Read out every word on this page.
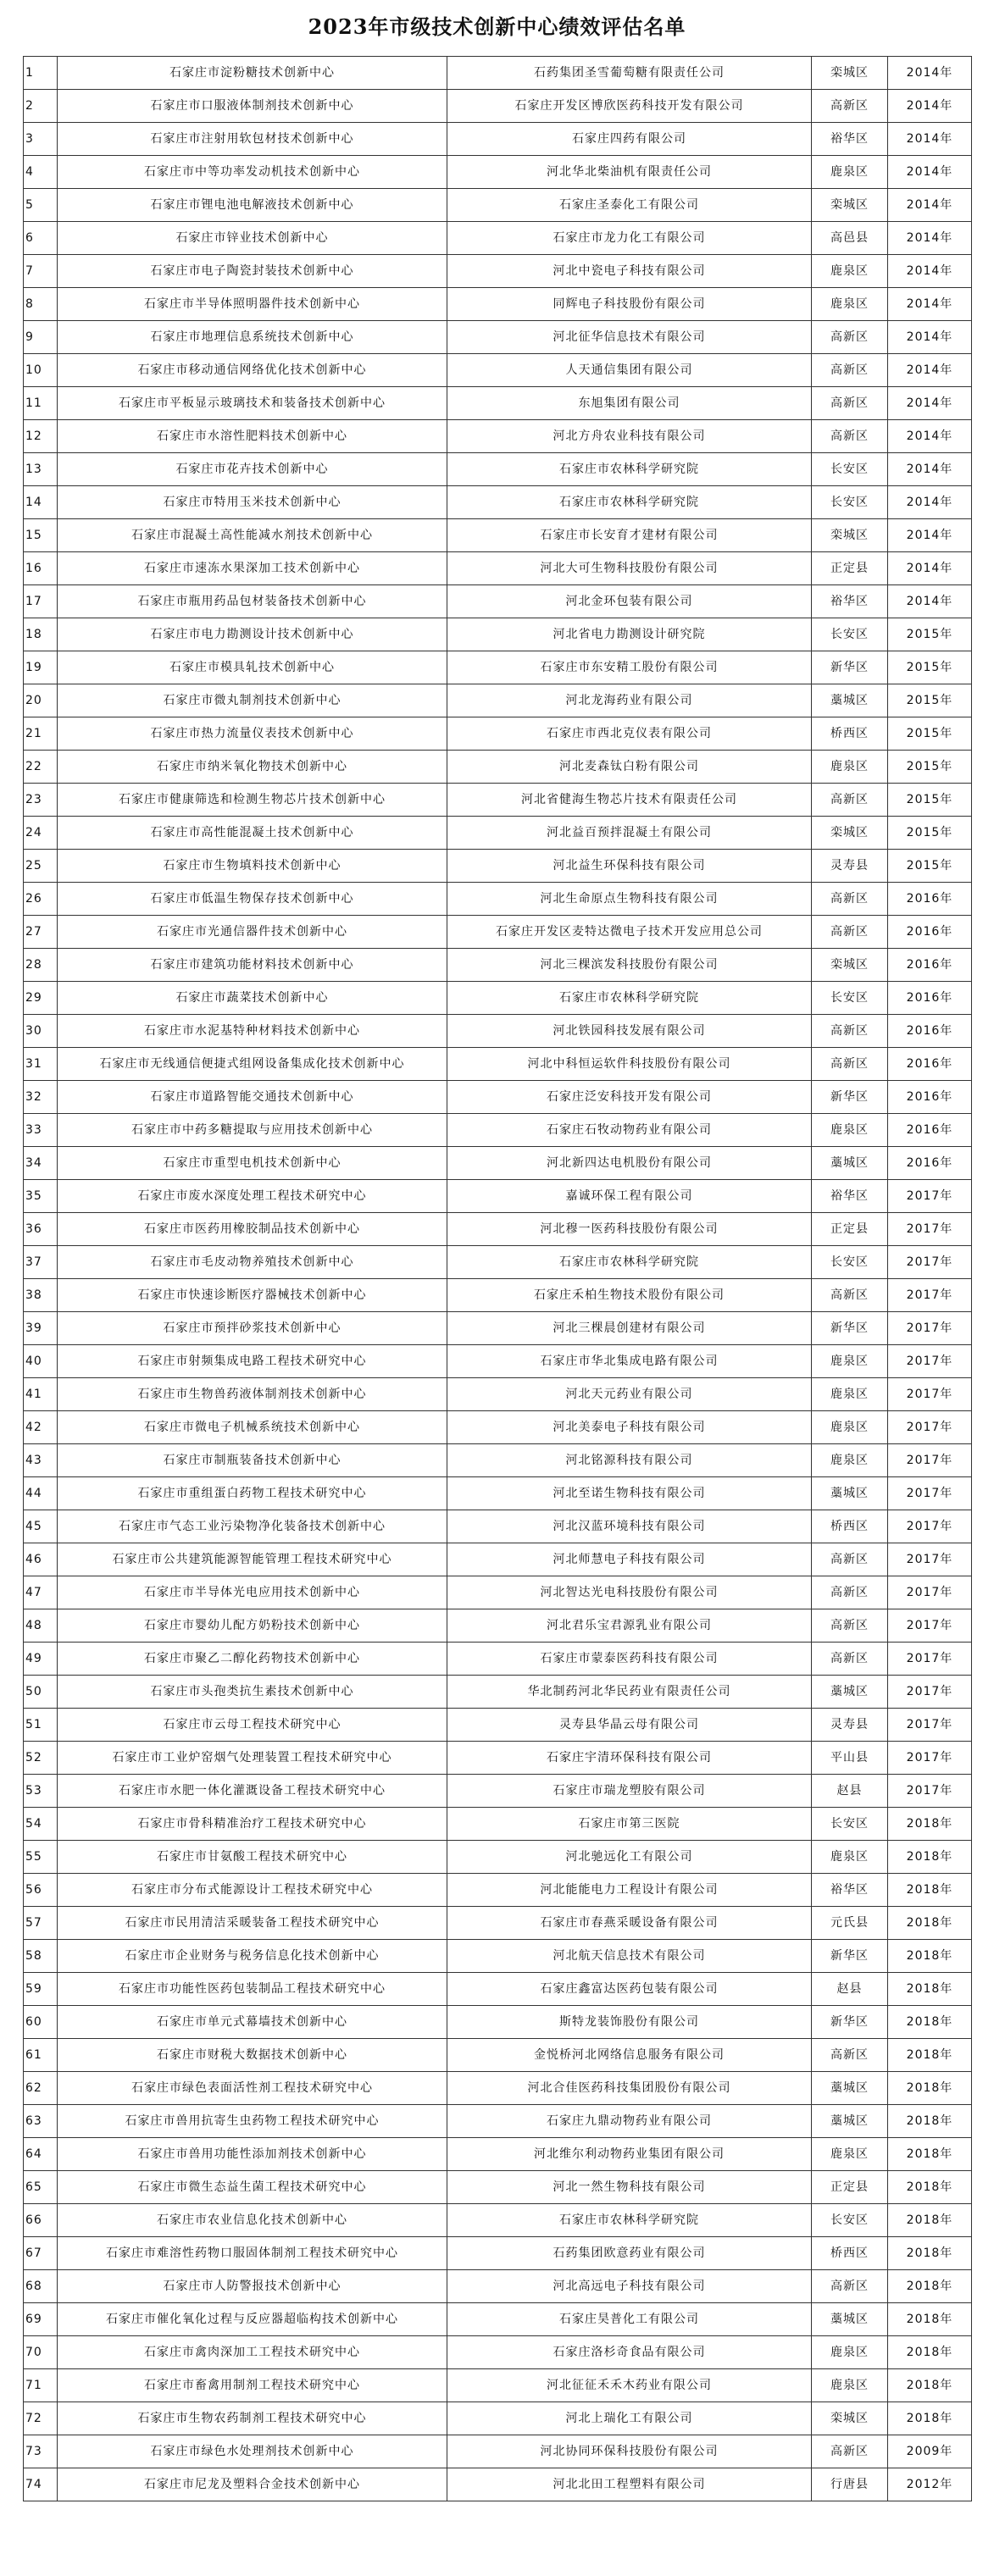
2023年市级技术创新中心绩效评估名单
1	石家庄市淀粉糖技术创新中心	石药集团圣雪葡萄糖有限责任公司	栾城区	2014年
2	石家庄市口服液体制剂技术创新中心	石家庄开发区博欣医药科技开发有限公司	高新区	2014年
3	石家庄市注射用软包材技术创新中心	石家庄四药有限公司	裕华区	2014年
4	石家庄市中等功率发动机技术创新中心	河北华北柴油机有限责任公司	鹿泉区	2014年
5	石家庄市锂电池电解液技术创新中心	石家庄圣泰化工有限公司	栾城区	2014年
6	石家庄市锌业技术创新中心	石家庄市龙力化工有限公司	高邑县	2014年
7	石家庄市电子陶瓷封装技术创新中心	河北中瓷电子科技有限公司	鹿泉区	2014年
8	石家庄市半导体照明器件技术创新中心	同辉电子科技股份有限公司	鹿泉区	2014年
9	石家庄市地理信息系统技术创新中心	河北征华信息技术有限公司	高新区	2014年
10	石家庄市移动通信网络优化技术创新中心	人天通信集团有限公司	高新区	2014年
11	石家庄市平板显示玻璃技术和装备技术创新中心	东旭集团有限公司	高新区	2014年
12	石家庄市水溶性肥料技术创新中心	河北方舟农业科技有限公司	高新区	2014年
13	石家庄市花卉技术创新中心	石家庄市农林科学研究院	长安区	2014年
14	石家庄市特用玉米技术创新中心	石家庄市农林科学研究院	长安区	2014年
15	石家庄市混凝土高性能减水剂技术创新中心	石家庄市长安育才建材有限公司	栾城区	2014年
16	石家庄市速冻水果深加工技术创新中心	河北大可生物科技股份有限公司	正定县	2014年
17	石家庄市瓶用药品包材装备技术创新中心	河北金环包装有限公司	裕华区	2014年
18	石家庄市电力勘测设计技术创新中心	河北省电力勘测设计研究院	长安区	2015年
19	石家庄市模具轧技术创新中心	石家庄市东安精工股份有限公司	新华区	2015年
20	石家庄市微丸制剂技术创新中心	河北龙海药业有限公司	藁城区	2015年
21	石家庄市热力流量仪表技术创新中心	石家庄市西北克仪表有限公司	桥西区	2015年
22	石家庄市纳米氧化物技术创新中心	河北麦森钛白粉有限公司	鹿泉区	2015年
23	石家庄市健康筛选和检测生物芯片技术创新中心	河北省健海生物芯片技术有限责任公司	高新区	2015年
24	石家庄市高性能混凝土技术创新中心	河北益百预拌混凝土有限公司	栾城区	2015年
25	石家庄市生物填料技术创新中心	河北益生环保科技有限公司	灵寿县	2015年
26	石家庄市低温生物保存技术创新中心	河北生命原点生物科技有限公司	高新区	2016年
27	石家庄市光通信器件技术创新中心	石家庄开发区麦特达微电子技术开发应用总公司	高新区	2016年
28	石家庄市建筑功能材料技术创新中心	河北三棵滨发科技股份有限公司	栾城区	2016年
29	石家庄市蔬菜技术创新中心	石家庄市农林科学研究院	长安区	2016年
30	石家庄市水泥基特种材料技术创新中心	河北铁园科技发展有限公司	高新区	2016年
31	石家庄市无线通信便捷式组网设备集成化技术创新中心	河北中科恒运软件科技股份有限公司	高新区	2016年
32	石家庄市道路智能交通技术创新中心	石家庄泛安科技开发有限公司	新华区	2016年
33	石家庄市中药多糖提取与应用技术创新中心	石家庄石牧动物药业有限公司	鹿泉区	2016年
34	石家庄市重型电机技术创新中心	河北新四达电机股份有限公司	藁城区	2016年
35	石家庄市废水深度处理工程技术研究中心	嘉诚环保工程有限公司	裕华区	2017年
36	石家庄市医药用橡胶制品技术创新中心	河北穆一医药科技股份有限公司	正定县	2017年
37	石家庄市毛皮动物养殖技术创新中心	石家庄市农林科学研究院	长安区	2017年
38	石家庄市快速诊断医疗器械技术创新中心	石家庄禾柏生物技术股份有限公司	高新区	2017年
39	石家庄市预拌砂浆技术创新中心	河北三棵晨创建材有限公司	新华区	2017年
40	石家庄市射频集成电路工程技术研究中心	石家庄市华北集成电路有限公司	鹿泉区	2017年
41	石家庄市生物兽药液体制剂技术创新中心	河北天元药业有限公司	鹿泉区	2017年
42	石家庄市微电子机械系统技术创新中心	河北美泰电子科技有限公司	鹿泉区	2017年
43	石家庄市制瓶装备技术创新中心	河北铭源科技有限公司	鹿泉区	2017年
44	石家庄市重组蛋白药物工程技术研究中心	河北至诺生物科技有限公司	藁城区	2017年
45	石家庄市气态工业污染物净化装备技术创新中心	河北汉蓝环境科技有限公司	桥西区	2017年
46	石家庄市公共建筑能源智能管理工程技术研究中心	河北师慧电子科技有限公司	高新区	2017年
47	石家庄市半导体光电应用技术创新中心	河北智达光电科技股份有限公司	高新区	2017年
48	石家庄市婴幼儿配方奶粉技术创新中心	河北君乐宝君源乳业有限公司	高新区	2017年
49	石家庄市聚乙二醇化药物技术创新中心	石家庄市蒙泰医药科技有限公司	高新区	2017年
50	石家庄市头孢类抗生素技术创新中心	华北制药河北华民药业有限责任公司	藁城区	2017年
51	石家庄市云母工程技术研究中心	灵寿县华晶云母有限公司	灵寿县	2017年
52	石家庄市工业炉窑烟气处理装置工程技术研究中心	石家庄宇清环保科技有限公司	平山县	2017年
53	石家庄市水肥一体化灌溉设备工程技术研究中心	石家庄市瑞龙塑胶有限公司	赵县	2017年
54	石家庄市骨科精准治疗工程技术研究中心	石家庄市第三医院	长安区	2018年
55	石家庄市甘氨酸工程技术研究中心	河北驰远化工有限公司	鹿泉区	2018年
56	石家庄市分布式能源设计工程技术研究中心	河北能能电力工程设计有限公司	裕华区	2018年
57	石家庄市民用清洁采暖装备工程技术研究中心	石家庄市春燕采暖设备有限公司	元氏县	2018年
58	石家庄市企业财务与税务信息化技术创新中心	河北航天信息技术有限公司	新华区	2018年
59	石家庄市功能性医药包装制品工程技术研究中心	石家庄鑫富达医药包装有限公司	赵县	2018年
60	石家庄市单元式幕墙技术创新中心	斯特龙装饰股份有限公司	新华区	2018年
61	石家庄市财税大数据技术创新中心	金悦桥河北网络信息服务有限公司	高新区	2018年
62	石家庄市绿色表面活性剂工程技术研究中心	河北合佳医药科技集团股份有限公司	藁城区	2018年
63	石家庄市兽用抗寄生虫药物工程技术研究中心	石家庄九鼎动物药业有限公司	藁城区	2018年
64	石家庄市兽用功能性添加剂技术创新中心	河北维尔利动物药业集团有限公司	鹿泉区	2018年
65	石家庄市微生态益生菌工程技术研究中心	河北一然生物科技有限公司	正定县	2018年
66	石家庄市农业信息化技术创新中心	石家庄市农林科学研究院	长安区	2018年
67	石家庄市难溶性药物口服固体制剂工程技术研究中心	石药集团欧意药业有限公司	桥西区	2018年
68	石家庄市人防警报技术创新中心	河北高远电子科技有限公司	高新区	2018年
69	石家庄市催化氧化过程与反应器超临构技术创新中心	石家庄昊普化工有限公司	藁城区	2018年
70	石家庄市禽肉深加工工程技术研究中心	石家庄洛杉奇食品有限公司	鹿泉区	2018年
71	石家庄市畜禽用制剂工程技术研究中心	河北征征禾禾木药业有限公司	鹿泉区	2018年
72	石家庄市生物农药制剂工程技术研究中心	河北上瑞化工有限公司	栾城区	2018年
73	石家庄市绿色水处理剂技术创新中心	河北协同环保科技股份有限公司	高新区	2009年
74	石家庄市尼龙及塑料合金技术创新中心	河北北田工程塑料有限公司	行唐县	2012年
